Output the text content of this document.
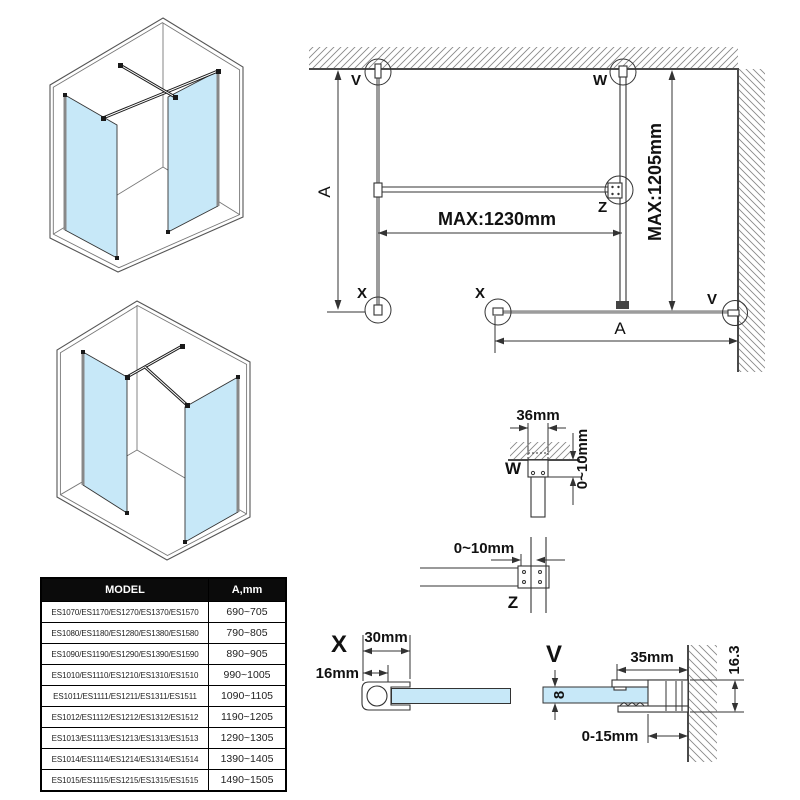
V	W
Z
X	X	V
A
MAX:1230mm	MAX:1205mm
A
36mm
W	0~10mm
0~10mm
Z
X 30mm
16mm
V
8
35mm	16.3
0-15mm
MODEL	A,mm
ES1070/ES1170/ES1270/ES1370/ES1570	690~705
ES1080/ES1180/ES1280/ES1380/ES1580	790~805
ES1090/ES1190/ES1290/ES1390/ES1590	890~905
ES1010/ES1110/ES1210/ES1310/ES1510	990~1005
ES1011/ES1111/ES1211/ES1311/ES1511	1090~1105
ES1012/ES1112/ES1212/ES1312/ES1512	1190~1205
ES1013/ES1113/ES1213/ES1313/ES1513	1290~1305
ES1014/ES1114/ES1214/ES1314/ES1514	1390~1405
ES1015/ES1115/ES1215/ES1315/ES1515	1490~1505
